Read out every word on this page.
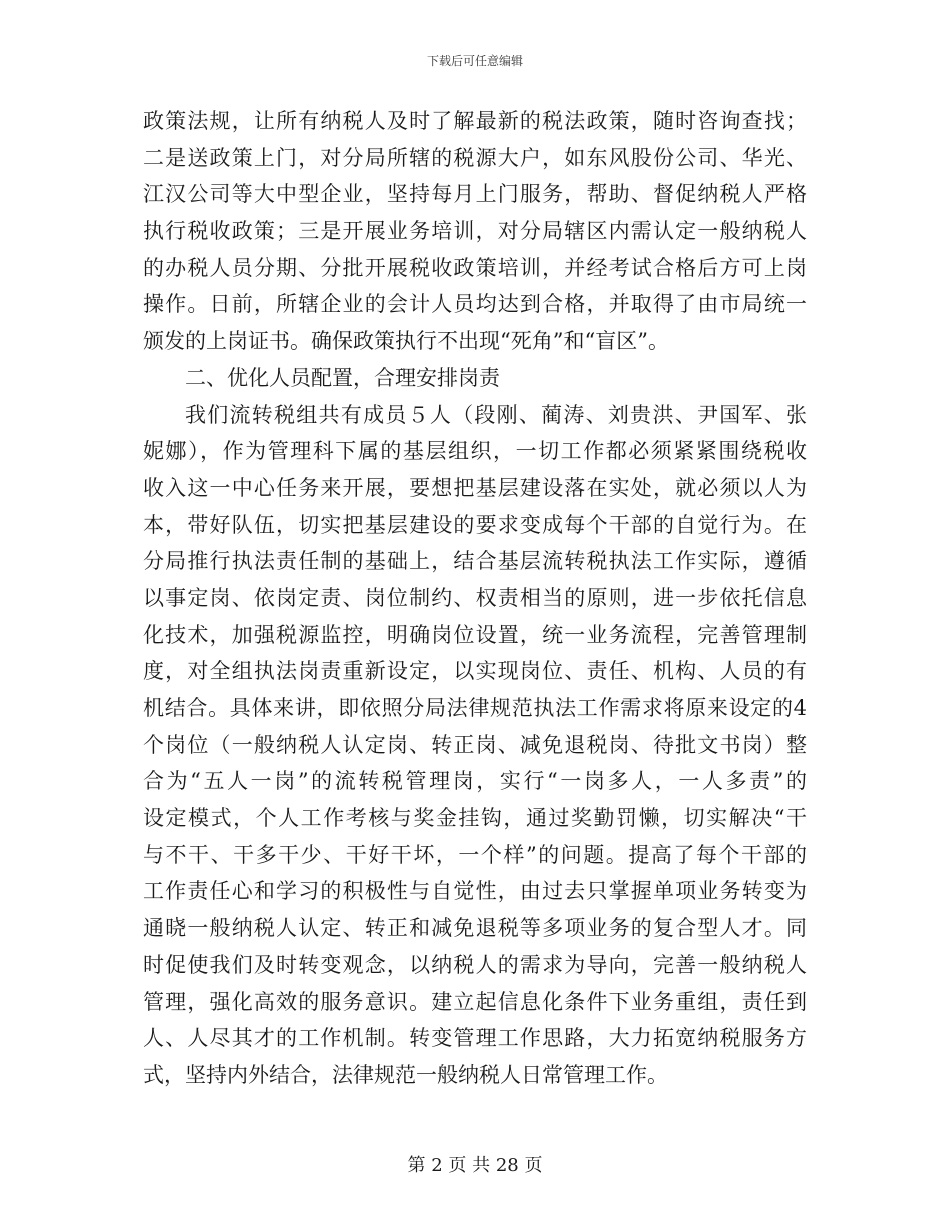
下载后可任意编辑
政策法规，让所有纳税人及时了解最新的税法政策，随时咨询查找；
二是送政策上门，对分局所辖的税源大户，如东风股份公司、华光、
江汉公司等大中型企业，坚持每月上门服务，帮助、督促纳税人严格
执行税收政策；三是开展业务培训，对分局辖区内需认定一般纳税人
的办税人员分期、分批开展税收政策培训，并经考试合格后方可上岗
操作。日前，所辖企业的会计人员均达到合格，并取得了由市局统一
颁发的上岗证书。确保政策执行不出现“死角”和“盲区”。
二、优化人员配置，合理安排岗责
我们流转税组共有成员５人（段刚、蔺涛、刘贵洪、尹国军、张
妮娜），作为管理科下属的基层组织，一切工作都必须紧紧围绕税收
收入这一中心任务来开展，要想把基层建设落在实处，就必须以人为
本，带好队伍，切实把基层建设的要求变成每个干部的自觉行为。在
分局推行执法责任制的基础上，结合基层流转税执法工作实际，遵循
以事定岗、依岗定责、岗位制约、权责相当的原则，进一步依托信息
化技术，加强税源监控，明确岗位设置，统一业务流程，完善管理制
度，对全组执法岗责重新设定，以实现岗位、责任、机构、人员的有
机结合。具体来讲，即依照分局法律规范执法工作需求将原来设定的4
个岗位（一般纳税人认定岗、转正岗、减免退税岗、待批文书岗）整
合为“五人一岗”的流转税管理岗，实行“一岗多人，一人多责”的
设定模式，个人工作考核与奖金挂钩，通过奖勤罚懒，切实解决“干
与不干、干多干少、干好干坏，一个样”的问题。提高了每个干部的
工作责任心和学习的积极性与自觉性，由过去只掌握单项业务转变为
通晓一般纳税人认定、转正和减免退税等多项业务的复合型人才。同
时促使我们及时转变观念，以纳税人的需求为导向，完善一般纳税人
管理，强化高效的服务意识。建立起信息化条件下业务重组，责任到
人、人尽其才的工作机制。转变管理工作思路，大力拓宽纳税服务方
式，坚持内外结合，法律规范一般纳税人日常管理工作。
第 2 页 共 28 页
